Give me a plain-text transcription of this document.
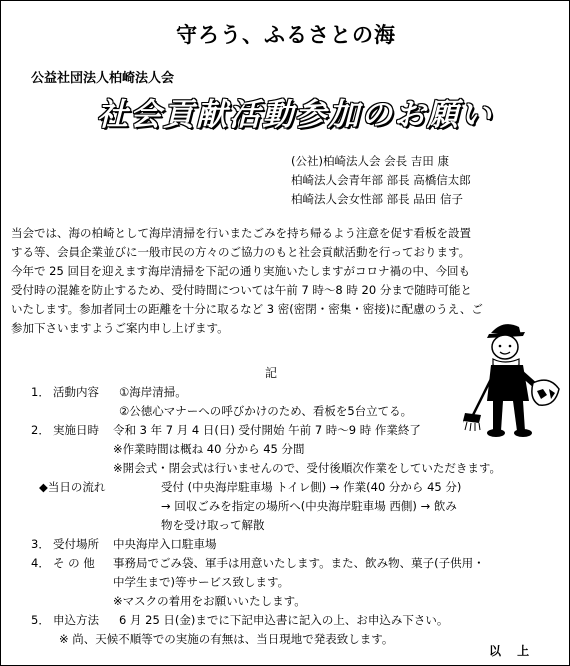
守ろう、ふるさとの海
公益社団法人柏崎法人会
社会貢献活動参加のお願い
(公社)柏崎法人会 会長 吉田 康
柏崎法人会青年部 部長 高橋信太郎
柏崎法人会女性部 部長 品田 信子
当会では、海の柏崎として海岸清掃を行いまたごみを持ち帰るよう注意を促す看板を設置
する等、会員企業並びに一般市民の方々のご協力のもと社会貢献活動を行っております。
今年で 25 回目を迎えます海岸清掃を下記の通り実施いたしますがコロナ禍の中、今回も
受付時の混雑を防止するため、受付時間については午前 7 時～8 時 20 分まで随時可能と
いたします。参加者同士の距離を十分に取るなど 3 密(密閉・密集・密接)に配慮のうえ、ご
参加下さいますようご案内申し上げます。
記
1． 活動内容 ①海岸清掃。
②公徳心マナーへの呼びかけのため、看板を5台立てる。
2． 実施日時 令和 3 年 7 月 4 日(日) 受付開始 午前 7 時～9 時 作業終了
※作業時間は概ね 40 分から 45 分間
※開会式・閉会式は行いませんので、受付後順次作業をしていただきます。
◆当日の流れ	受付 (中央海岸駐車場 トイレ側) → 作業(40 分から 45 分)
→ 回収ごみを指定の場所へ(中央海岸駐車場 西側) → 飲み
物を受け取って解散
3． 受付場所 中央海岸入口駐車場
4． そ の 他 事務局でごみ袋、軍手は用意いたします。また、飲み物、菓子(子供用・
中学生まで)等サービス致します。
※マスクの着用をお願いいたします。
5． 申込方法 6 月 25 日(金)までに下記申込書に記入の上、お申込み下さい。
※ 尚、天候不順等での実施の有無は、当日現地で発表致します。
以 上
